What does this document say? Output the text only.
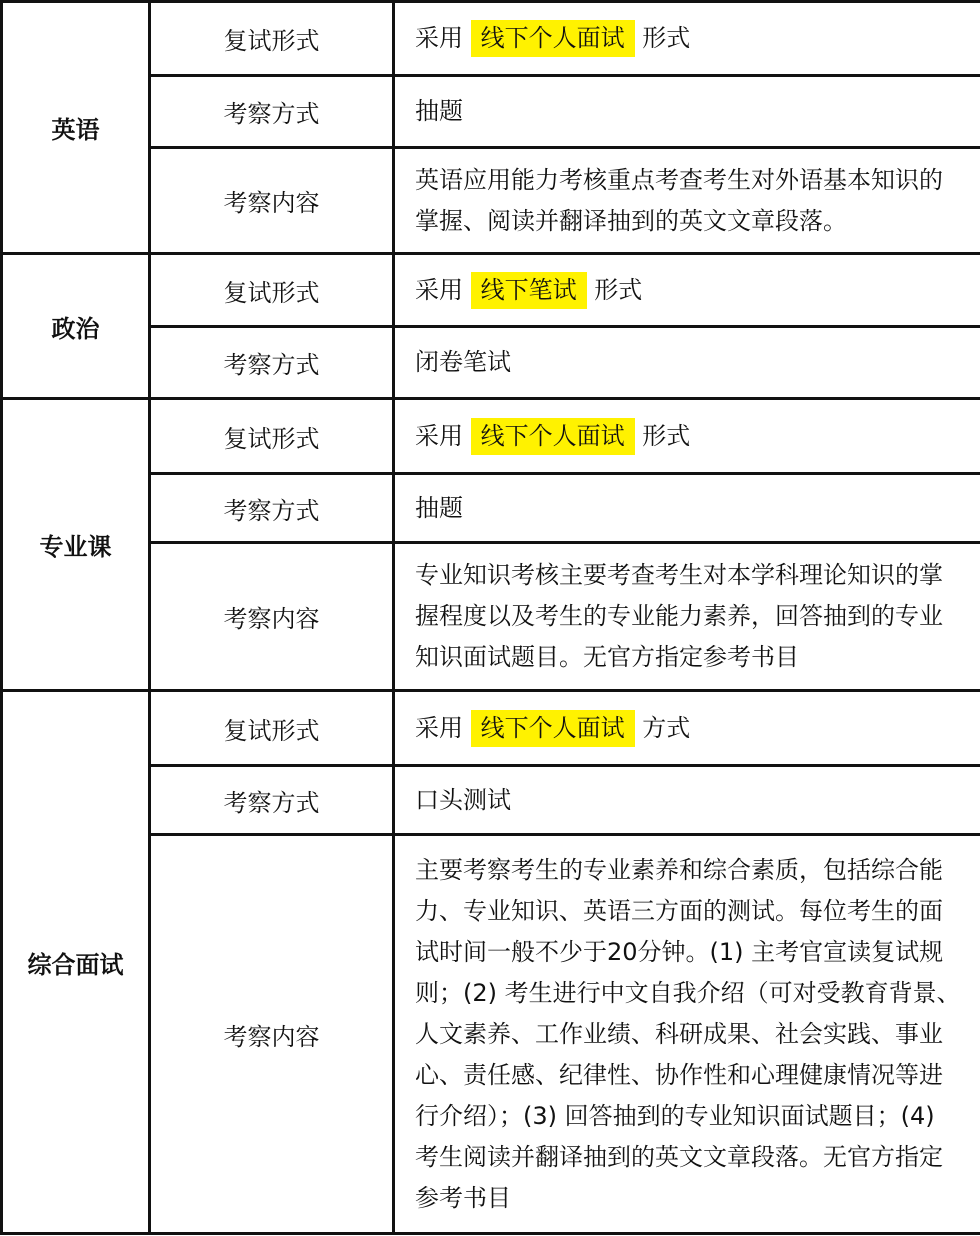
英语	复试形式	采用 线下个人面试 形式
	考察方式	抽题
	考察内容	英语应用能力考核重点考查考生对外语基本知识的掌握、阅读并翻译抽到的英文文章段落。

政治	复试形式	采用 线下笔试 形式
	考察方式	闭卷笔试
专业课	复试形式	采用 线下个人面试 形式
	考察方式	抽题
	考察内容	专业知识考核主要考查考生对本学科理论知识的掌握程度以及考生的专业能力素养，回答抽到的专业知识面试题目。无官方指定参考书目

综合面试	复试形式	采用 线下个人面试 方式
	考察方式	口头测试
	考察内容	主要考察考生的专业素养和综合素质，包括综合能力、专业知识、英语三方面的测试。每位考生的面试时间一般不少于20分钟。(1) 主考官宣读复试规则；(2) 考生进行中文自我介绍（可对受教育背景、人文素养、工作业绩、科研成果、社会实践、事业心、责任感、纪律性、协作性和心理健康情况等进行介绍）；(3) 回答抽到的专业知识面试题目；(4) 考生阅读并翻译抽到的英文文章段落。无官方指定参考书目
